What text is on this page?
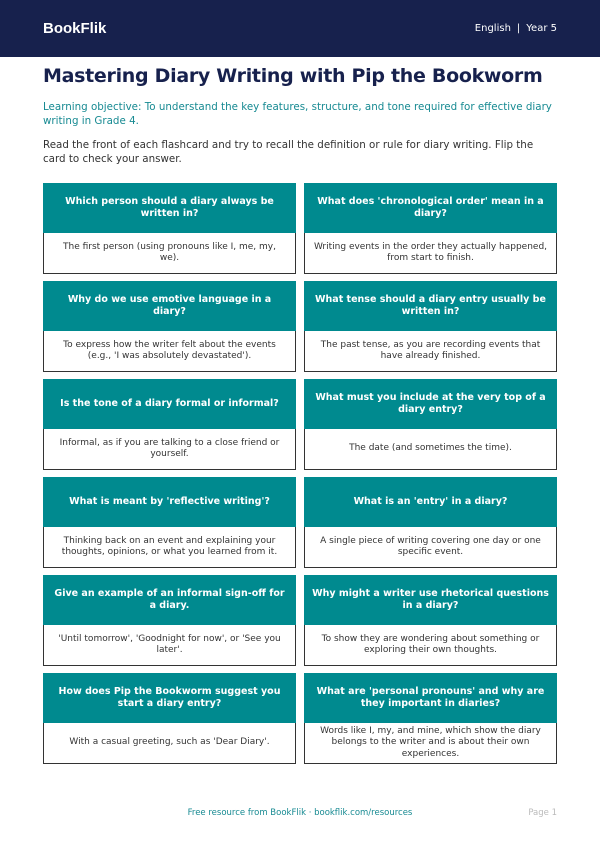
BookFlik	English | Year 5
Mastering Diary Writing with Pip the Bookworm

Learning objective: To understand the key features, structure, and tone required for effective diary writing in Grade 4.

Read the front of each flashcard and try to recall the definition or rule for diary writing. Flip the card to check your answer.

Which person should a diary always be written in?
The first person (using pronouns like I, me, my, we).
What does 'chronological order' mean in a diary?
Writing events in the order they actually happened, from start to finish.
Why do we use emotive language in a diary?
To express how the writer felt about the events (e.g., 'I was absolutely devastated').
What tense should a diary entry usually be written in?
The past tense, as you are recording events that have already finished.
Is the tone of a diary formal or informal?
Informal, as if you are talking to a close friend or yourself.
What must you include at the very top of a diary entry?
The date (and sometimes the time).
What is meant by 'reflective writing'?
Thinking back on an event and explaining your thoughts, opinions, or what you learned from it.
What is an 'entry' in a diary?
A single piece of writing covering one day or one specific event.
Give an example of an informal sign-off for a diary.
'Until tomorrow', 'Goodnight for now', or 'See you later'.
Why might a writer use rhetorical questions in a diary?
To show they are wondering about something or exploring their own thoughts.
How does Pip the Bookworm suggest you start a diary entry?
With a casual greeting, such as 'Dear Diary'.
What are 'personal pronouns' and why are they important in diaries?
Words like I, my, and mine, which show the diary belongs to the writer and is about their own experiences.
Free resource from BookFlik · bookflik.com/resources	Page 1
